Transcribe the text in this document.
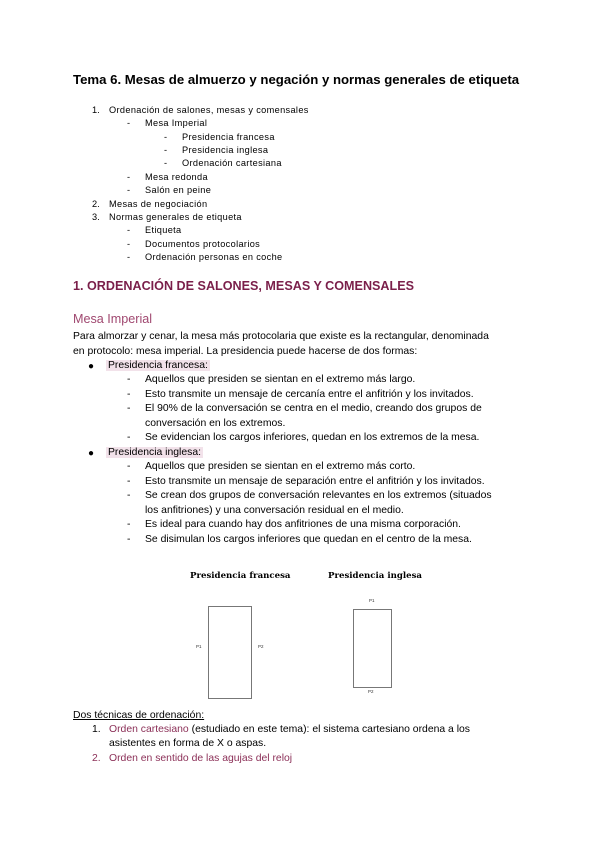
Tema 6. Mesas de almuerzo y negación y normas generales de etiqueta
1. Ordenación de salones, mesas y comensales
- Mesa Imperial
- Presidencia francesa
- Presidencia inglesa
- Ordenación cartesiana
- Mesa redonda
- Salón en peine
2. Mesas de negociación
3. Normas generales de etiqueta
- Etiqueta
- Documentos protocolarios
- Ordenación personas en coche
1. ORDENACIÓN DE SALONES, MESAS Y COMENSALES
Mesa Imperial
Para almorzar y cenar, la mesa más protocolaria que existe es la rectangular, denominada
en protocolo: mesa imperial. La presidencia puede hacerse de dos formas:
● Presidencia francesa:
- Aquellos que presiden se sientan en el extremo más largo.
- Esto transmite un mensaje de cercanía entre el anfitrión y los invitados.
- El 90% de la conversación se centra en el medio, creando dos grupos de
conversación en los extremos.
- Se evidencian los cargos inferiores, quedan en los extremos de la mesa.
● Presidencia inglesa:
- Aquellos que presiden se sientan en el extremo más corto.
- Esto transmite un mensaje de separación entre el anfitrión y los invitados.
- Se crean dos grupos de conversación relevantes en los extremos (situados
los anfitriones) y una conversación residual en el medio.
- Es ideal para cuando hay dos anfitriones de una misma corporación.
- Se disimulan los cargos inferiores que quedan en el centro de la mesa.
Presidencia francesa	Presidencia inglesa
P1	P2
P1
P2
Dos técnicas de ordenación:
1. Orden cartesiano (estudiado en este tema): el sistema cartesiano ordena a los
asistentes en forma de X o aspas.
2. Orden en sentido de las agujas del reloj
